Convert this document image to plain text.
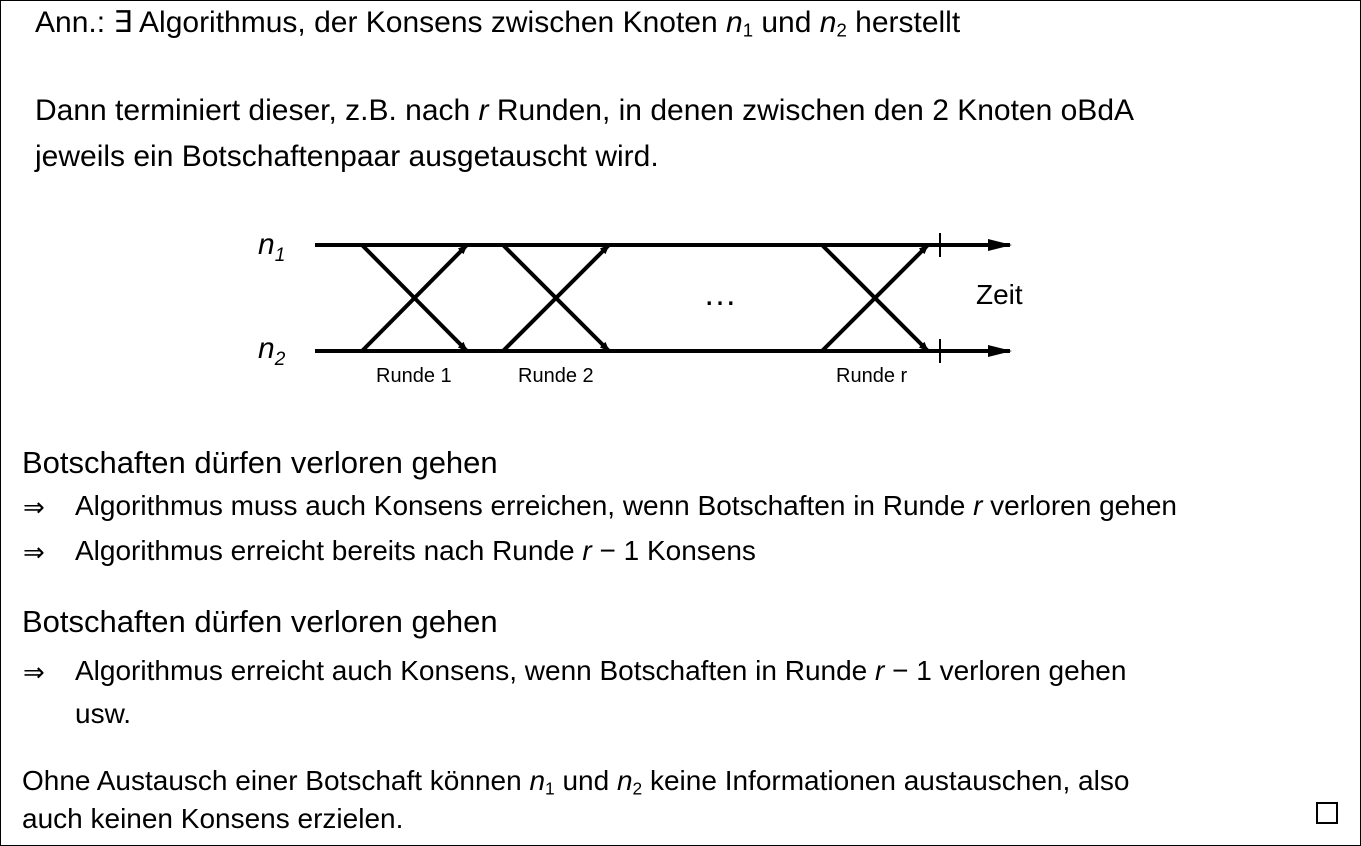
Ann.: ∃ Algorithmus, der Konsens zwischen Knoten $n_1$ und $n_2$ herstellt
Dann terminiert dieser, z.B. nach r Runden, in denen zwischen den 2 Knoten oBdA
jeweils ein Botschaftenpaar ausgetauscht wird.
$n_1$
$n_2$
…	Zeit
Runde 1	Runde 2	Runde r
Botschaften dürfen verloren gehen
⇒ Algorithmus muss auch Konsens erreichen, wenn Botschaften in Runde r verloren gehen
⇒ Algorithmus erreicht bereits nach Runde r − 1 Konsens
Botschaften dürfen verloren gehen
⇒ Algorithmus erreicht auch Konsens, wenn Botschaften in Runde r − 1 verloren gehen
usw.
Ohne Austausch einer Botschaft können $n_1$ und $n_2$ keine Informationen austauschen, also
auch keinen Konsens erzielen.
